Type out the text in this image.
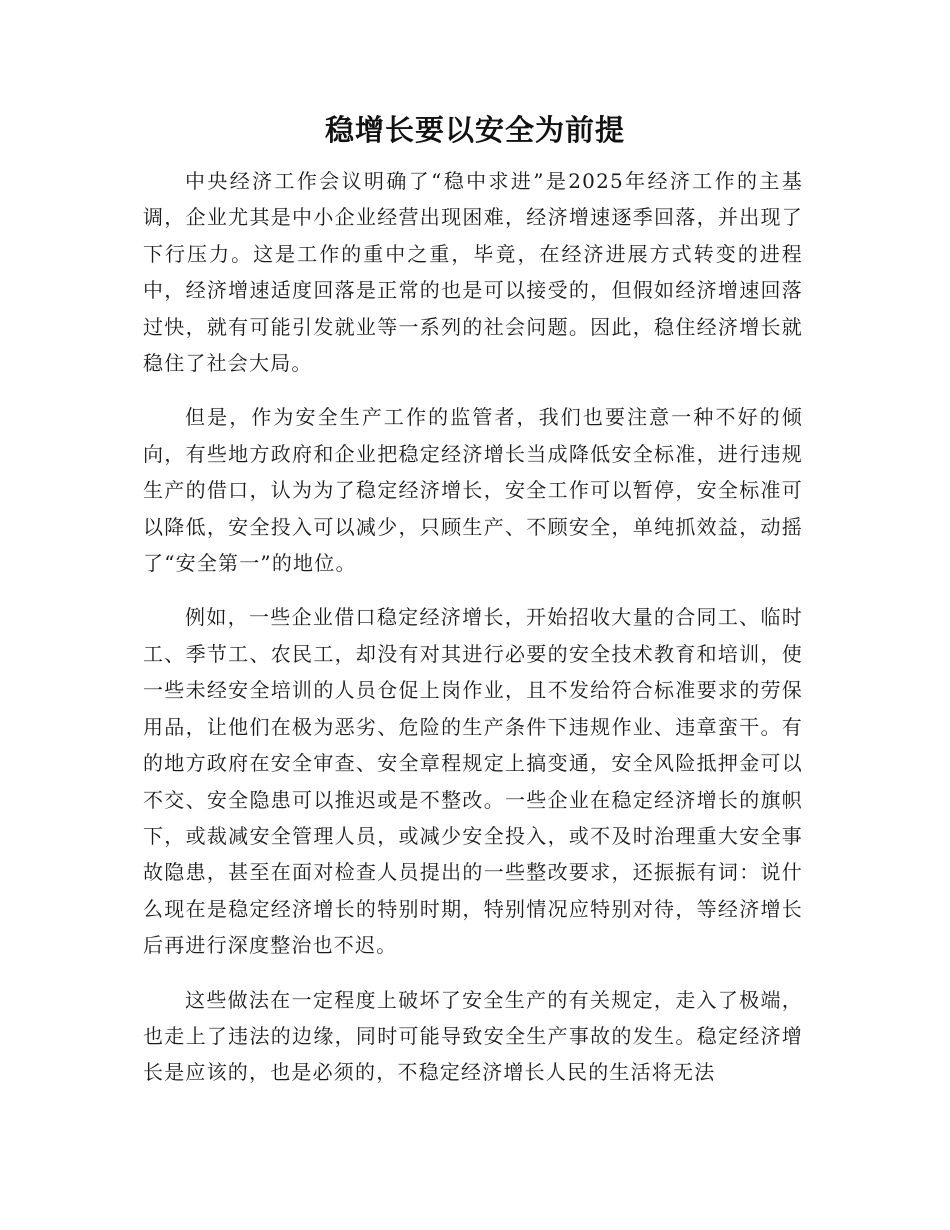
稳增长要以安全为前提

中央经济工作会议明确了“稳中求进”是2025年经济工作的主基调，企业尤其是中小企业经营出现困难，经济增速逐季回落，并出现了下行压力。这是工作的重中之重，毕竟，在经济进展方式转变的进程中，经济增速适度回落是正常的也是可以接受的，但假如经济增速回落过快，就有可能引发就业等一系列的社会问题。因此，稳住经济增长就稳住了社会大局。

但是，作为安全生产工作的监管者，我们也要注意一种不好的倾向，有些地方政府和企业把稳定经济增长当成降低安全标准，进行违规生产的借口，认为为了稳定经济增长，安全工作可以暂停，安全标准可以降低，安全投入可以减少，只顾生产、不顾安全，单纯抓效益，动摇了“安全第一”的地位。

例如，一些企业借口稳定经济增长，开始招收大量的合同工、临时工、季节工、农民工，却没有对其进行必要的安全技术教育和培训，使一些未经安全培训的人员仓促上岗作业，且不发给符合标准要求的劳保用品，让他们在极为恶劣、危险的生产条件下违规作业、违章蛮干。有的地方政府在安全审查、安全章程规定上搞变通，安全风险抵押金可以不交、安全隐患可以推迟或是不整改。一些企业在稳定经济增长的旗帜下，或裁减安全管理人员，或减少安全投入，或不及时治理重大安全事故隐患，甚至在面对检查人员提出的一些整改要求，还振振有词：说什么现在是稳定经济增长的特别时期，特别情况应特别对待，等经济增长后再进行深度整治也不迟。

这些做法在一定程度上破坏了安全生产的有关规定，走入了极端，也走上了违法的边缘，同时可能导致安全生产事故的发生。稳定经济增长是应该的，也是必须的，不稳定经济增长人民的生活将无法
